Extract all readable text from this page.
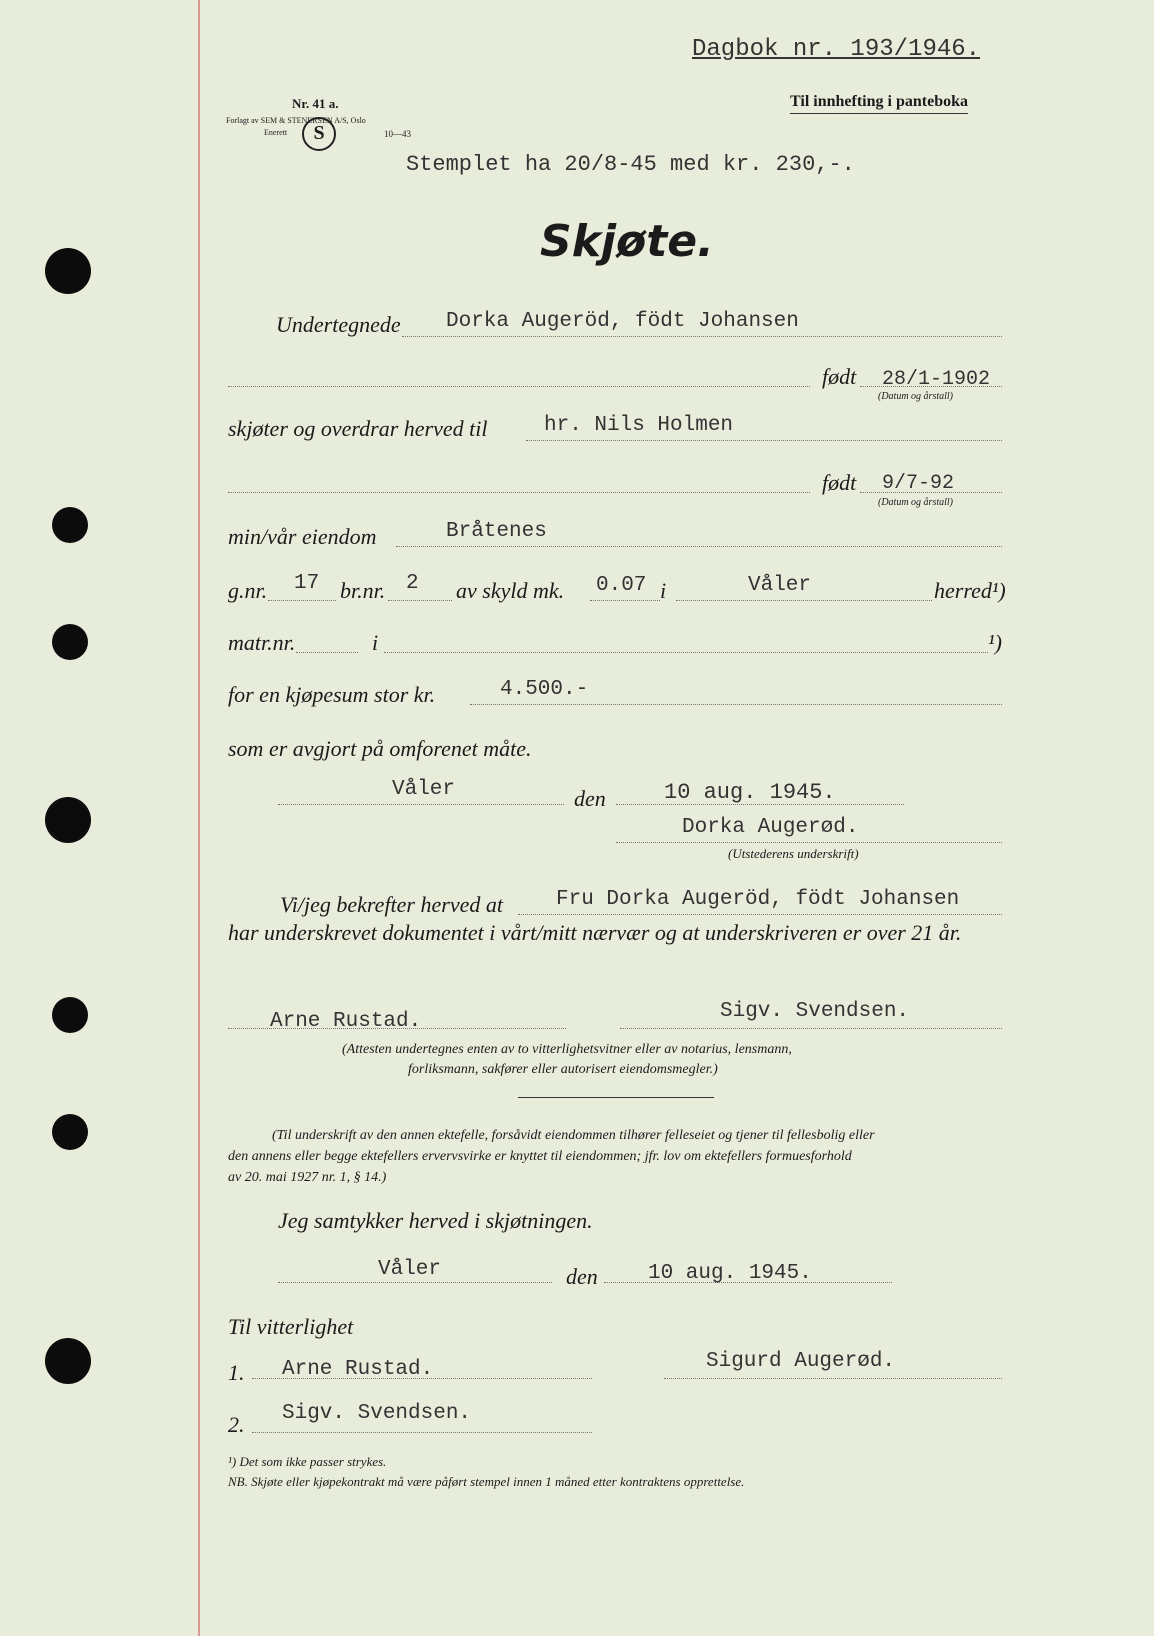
Dagbok nr. 193/1946.
Til innhefting i panteboka
Nr. 41 a.
Forlagt av SEM & STENERSEN A/S, Oslo
Enerett	S	10—43
Stemplet ha 20/8-45 med kr. 230,-.
Skjøte.
Undertegnede Dorka Augeröd, födt Johansen
født 28/1-1902
(Datum og årstall)
skjøter og overdrar herved til	hr. Nils Holmen
født 9/7-92
(Datum og årstall)
min/vår eiendom	Bråtenes
g.nr. 17 br.nr. 2 av skyld mk. 0.07 i	Våler	herred¹)
matr.nr.	i	¹)
for en kjøpesum stor kr.	4.500.-
som er avgjort på omforenet måte.
Våler	den	10 aug. 1945.
Dorka Augerød.
(Utstederens underskrift)
Vi/jeg bekrefter herved at	Fru Dorka Augeröd, födt Johansen
har underskrevet dokumentet i vårt/mitt nærvær og at underskriveren er over 21 år.
Arne Rustad.	Sigv. Svendsen.
(Attesten undertegnes enten av to vitterlighetsvitner eller av notarius, lensmann,
forliksmann, sakfører eller autorisert eiendomsmegler.)
(Til underskrift av den annen ektefelle, forsåvidt eiendommen tilhører felleseiet og tjener til fellesbolig eller
den annens eller begge ektefellers ervervsvirke er knyttet til eiendommen; jfr. lov om ektefellers formuesforhold
av 20. mai 1927 nr. 1, § 14.)
Jeg samtykker herved i skjøtningen.
Våler	den 10 aug. 1945.
Til vitterlighet
1. Arne Rustad.	Sigurd Augerød.
2. Sigv. Svendsen.
¹) Det som ikke passer strykes.
NB. Skjøte eller kjøpekontrakt må være påført stempel innen 1 måned etter kontraktens opprettelse.
